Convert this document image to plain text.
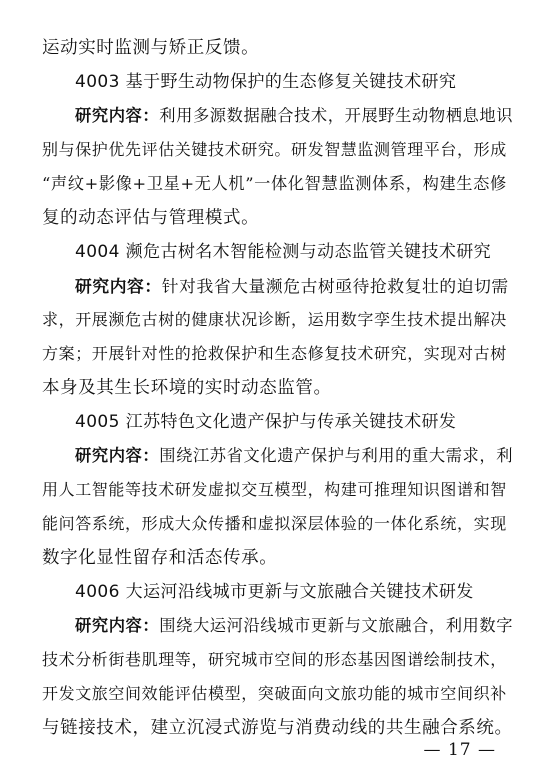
运动实时监测与矫正反馈。
4003 基于野生动物保护的生态修复关键技术研究
研究内容：利用多源数据融合技术，开展野生动物栖息地识
别与保护优先评估关键技术研究。研发智慧监测管理平台，形成
“声纹+影像+卫星+无人机”一体化智慧监测体系，构建生态修
复的动态评估与管理模式。
4004 濒危古树名木智能检测与动态监管关键技术研究
研究内容：针对我省大量濒危古树亟待抢救复壮的迫切需
求，开展濒危古树的健康状况诊断，运用数字孪生技术提出解决
方案；开展针对性的抢救保护和生态修复技术研究，实现对古树
本身及其生长环境的实时动态监管。
4005 江苏特色文化遗产保护与传承关键技术研发
研究内容：围绕江苏省文化遗产保护与利用的重大需求，利
用人工智能等技术研发虚拟交互模型，构建可推理知识图谱和智
能问答系统，形成大众传播和虚拟深层体验的一体化系统，实现
数字化显性留存和活态传承。
4006 大运河沿线城市更新与文旅融合关键技术研发
研究内容：围绕大运河沿线城市更新与文旅融合，利用数字
技术分析街巷肌理等，研究城市空间的形态基因图谱绘制技术，
开发文旅空间效能评估模型，突破面向文旅功能的城市空间织补
与链接技术，建立沉浸式游览与消费动线的共生融合系统。
— 17 —
